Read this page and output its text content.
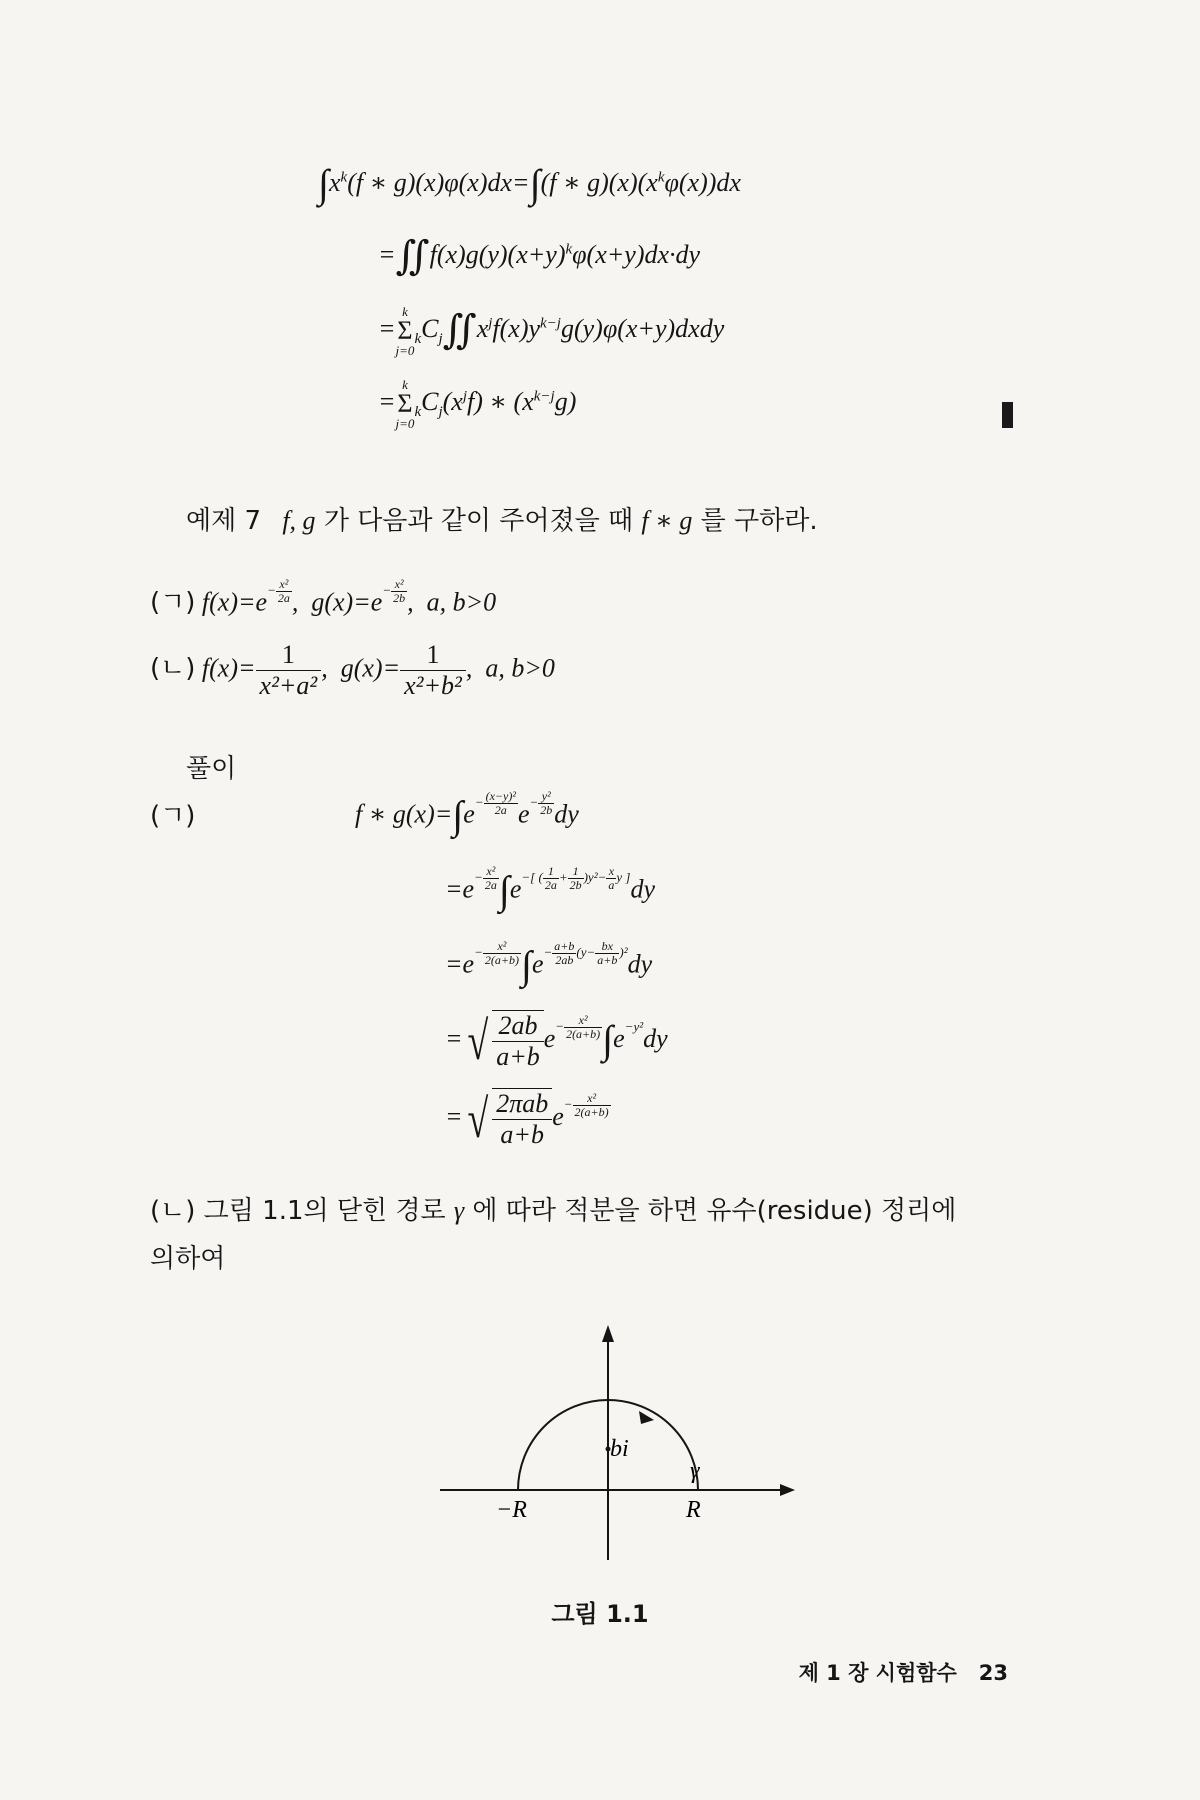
$\int x^k(f$ ∗ g)(x)φ(x)dx=∫(f ∗ $g)(x)(x^k\varphi(x))dx$
$=∬f(x)g(y)(x+y)^k\varphi(x+y)dx\cdot dy$
=
k
Σ
j=0
$_kC_j∬x^jf(x)y^{k-j}g(y)\varphi(x+y)dxdy$
=
k
Σ
j=0
$_kC_j(x^jf)$ ∗ $(x^{k-j}g)$
예제 7   f, g 가 다음과 같이 주어졌을 때 f ∗ g 를 구하라.
(ㄱ) $f(x)=e- \frac{\text{x²}}{2a}$ ,  $g(x)=e- \frac{\text{x²}}{2b}$ ,  a, b>0
(ㄴ) $f(x)= \frac{1}{\text{x²+a²}}$ ,  $g(x)= \frac{1}{\text{x²+b²}}$ ,  a, b>0
풀이
(ㄱ)	f ∗ $g(x)=\int e- \frac{\text{(x−y)²}}{2a} e- \frac{\text{y²}}{2b}$ dy
$=e- \frac{\text{x²}}{2a} \int e-$[ ( $\frac{1}{2a} + \frac{1}{2b} )y^2- \frac{x}{a}$ y ]dy
$=e- \frac{\text{x²}}{2(a+b)} \int e- \frac{a+b}{2ab} (y- \frac{bx}{a+b} )^2dy$
=√ $\frac{2ab}{a+b} e- \frac{\text{x²}}{2(a+b)} \int e-y^2dy$
=√ $\frac{\text{2πab}}{a+b} e- \frac{\text{x²}}{2(a+b)}$
(ㄴ) 그림 1.1의 닫힌 경로 γ 에 따라 적분을 하면 유수(residue) 정리에
의하여
bi
γ
−R	R
그림 1.1
제 1 장 시험함수 23
